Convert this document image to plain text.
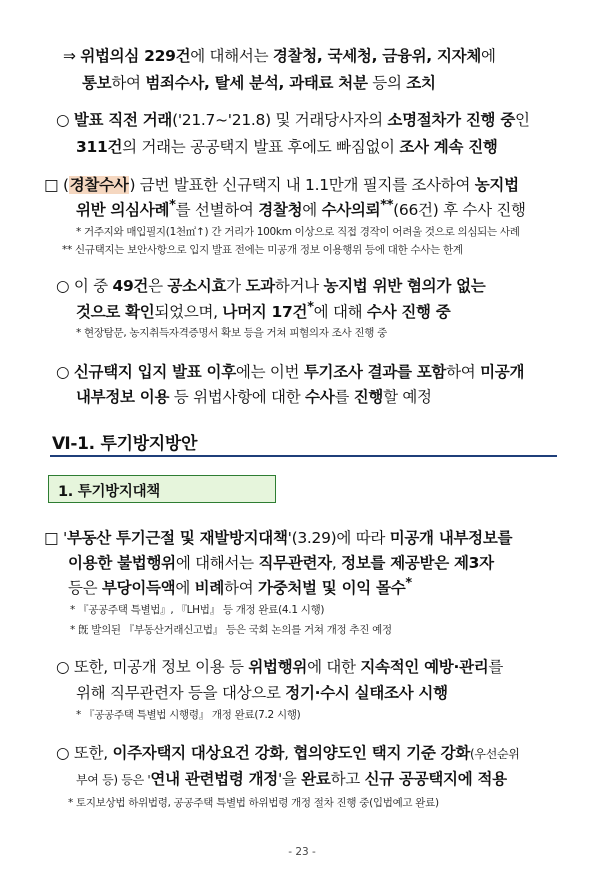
⇒ 위법의심 229건에 대해서는 경찰청, 국세청, 금융위, 지자체에
통보하여 범죄수사, 탈세 분석, 과태료 처분 등의 조치
○ 발표 직전 거래('21.7~'21.8) 및 거래당사자의 소명절차가 진행 중인
311건의 거래는 공공택지 발표 후에도 빠짐없이 조사 계속 진행
□ (경찰수사) 금번 발표한 신규택지 내 1.1만개 필지를 조사하여 농지법
위반 의심사례*를 선별하여 경찰청에 수사의뢰**(66건) 후 수사 진행
* 거주지와 매입필지(1천㎡↑) 간 거리가 100km 이상으로 직접 경작이 어려울 것으로 의심되는 사례
** 신규택지는 보안사항으로 입지 발표 전에는 미공개 정보 이용행위 등에 대한 수사는 한계
○ 이 중 49건은 공소시효가 도과하거나 농지법 위반 혐의가 없는
것으로 확인되었으며, 나머지 17건*에 대해 수사 진행 중
* 현장탐문, 농지취득자격증명서 확보 등을 거쳐 피혐의자 조사 진행 중
○ 신규택지 입지 발표 이후에는 이번 투기조사 결과를 포함하여 미공개
내부정보 이용 등 위법사항에 대한 수사를 진행할 예정
Ⅵ-1. 투기방지방안
1. 투기방지대책
□ '부동산 투기근절 및 재발방지대책'(3.29)에 따라 미공개 내부정보를
이용한 불법행위에 대해서는 직무관련자, 정보를 제공받은 제3자
등은 부당이득액에 비례하여 가중처벌 및 이익 몰수*
* 『공공주택 특별법』, 『LH법』 등 개정 완료(4.1 시행)
* 旣 발의된 『부동산거래신고법』 등은 국회 논의를 거쳐 개정 추진 예정
○ 또한, 미공개 정보 이용 등 위법행위에 대한 지속적인 예방·관리를
위해 직무관련자 등을 대상으로 정기·수시 실태조사 시행
* 『공공주택 특별법 시행령』 개정 완료(7.2 시행)
○ 또한, 이주자택지 대상요건 강화, 협의양도인 택지 기준 강화(우선순위
부여 등) 등은 '연내 관련법령 개정'을 완료하고 신규 공공택지에 적용
* 토지보상법 하위법령, 공공주택 특별법 하위법령 개정 절차 진행 중(입법예고 완료)
- 23 -
